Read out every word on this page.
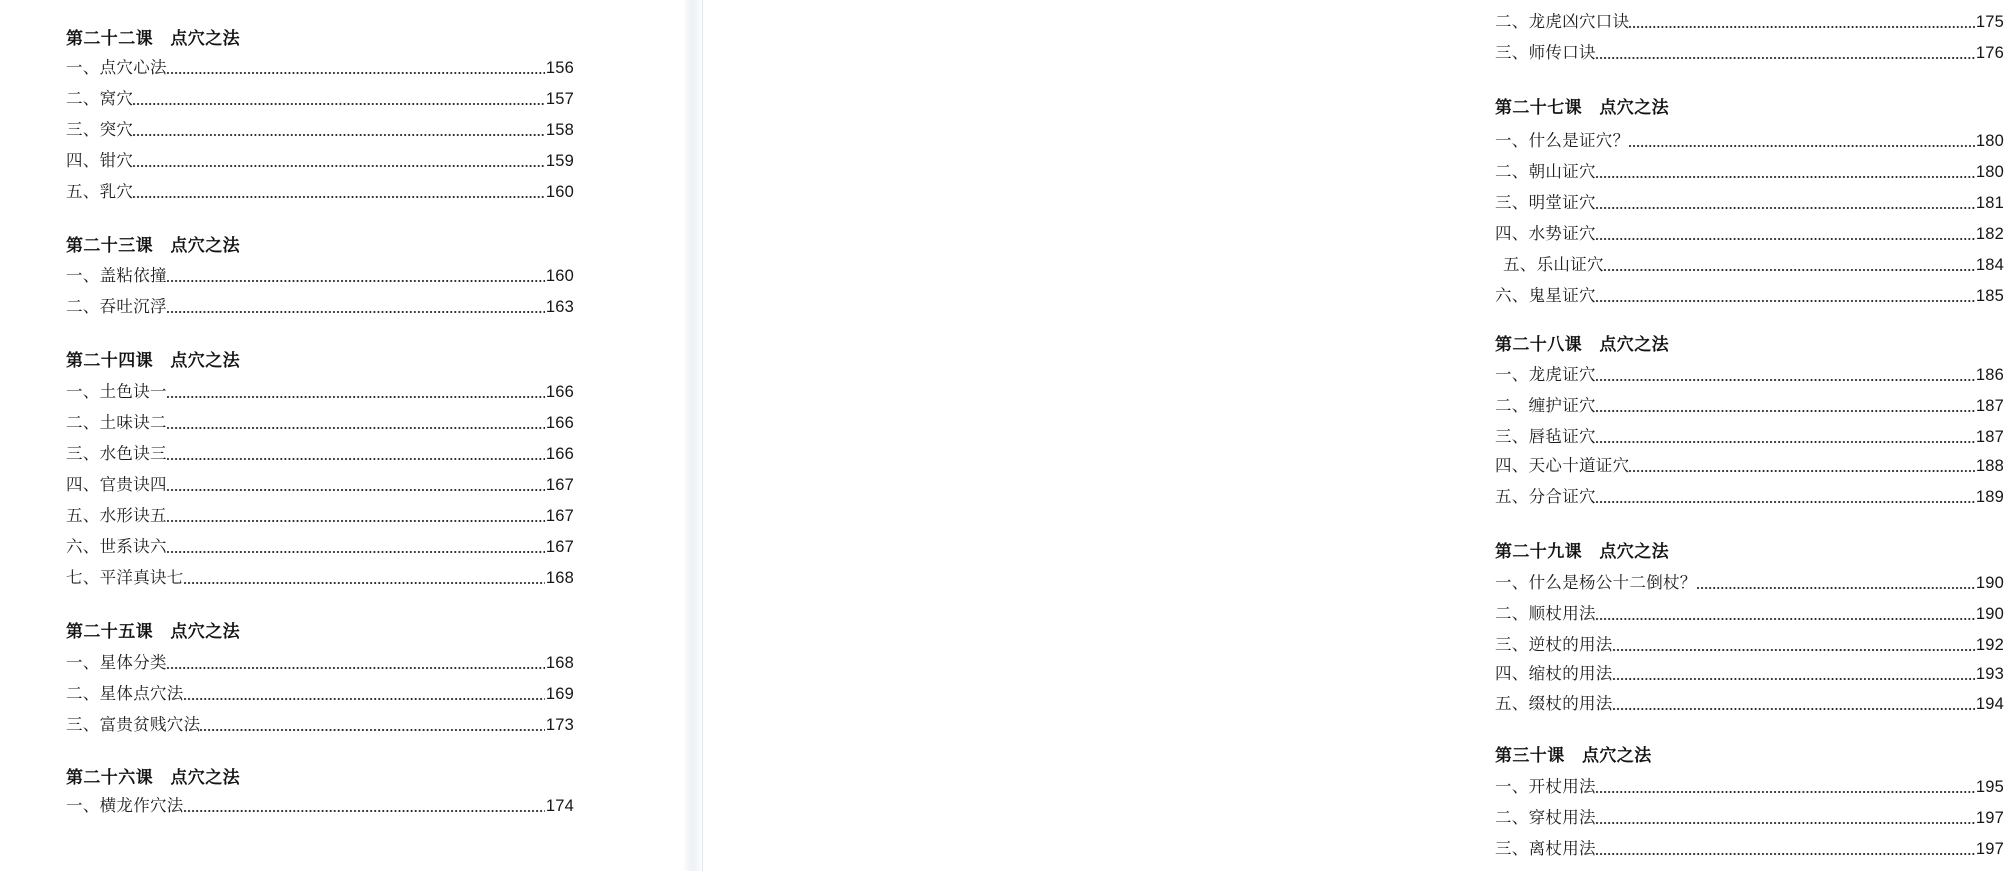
第二十二课　点穴之法
一、点穴心法	156
二、窝穴	157
三、突穴	158
四、钳穴	159
五、乳穴	160
第二十三课　点穴之法
一、盖粘依撞	160
二、吞吐沉浮	163
第二十四课　点穴之法
一、土色诀一	166
二、土味诀二	166
三、水色诀三	166
四、官贵诀四	167
五、水形诀五	167
六、世系诀六	167
七、平洋真诀七	168
第二十五课　点穴之法
一、星体分类	168
二、星体点穴法	169
三、富贵贫贱穴法	173
第二十六课　点穴之法
一、横龙作穴法	174
二、龙虎凶穴口诀	175
三、师传口诀	176
第二十七课　点穴之法
一、什么是证穴？	180
二、朝山证穴	180
三、明堂证穴	181
四、水势证穴	182
五、乐山证穴	184
六、鬼星证穴	185
第二十八课　点穴之法
一、龙虎证穴	186
二、缠护证穴	187
三、唇毡证穴	187
四、天心十道证穴	188
五、分合证穴	189
第二十九课　点穴之法
一、什么是杨公十二倒杖？	190
二、顺杖用法	190
三、逆杖的用法	192
四、缩杖的用法	193
五、缀杖的用法	194
第三十课　点穴之法
一、开杖用法	195
二、穿杖用法	197
三、离杖用法	197
